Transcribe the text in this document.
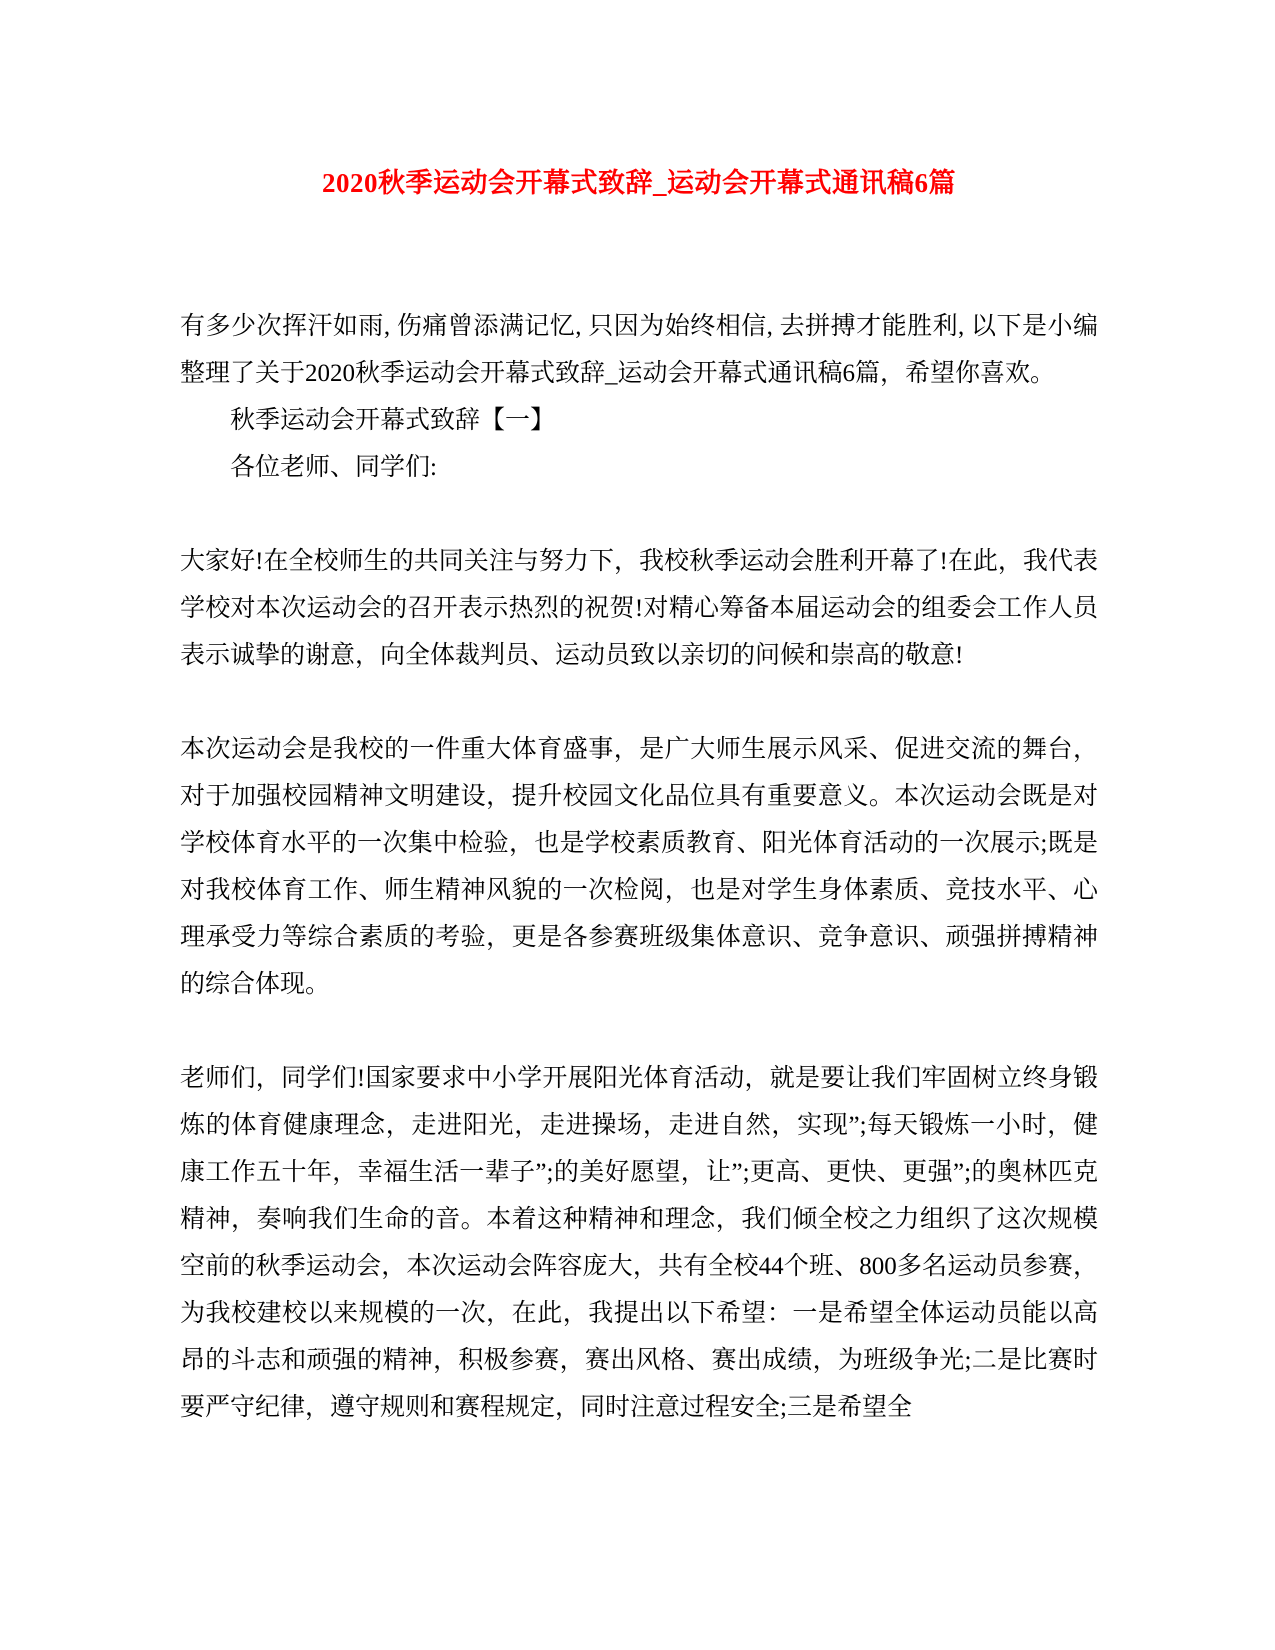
2020秋季运动会开幕式致辞_运动会开幕式通讯稿6篇

有多少次挥汗如雨, 伤痛曾添满记忆, 只因为始终相信, 去拼搏才能胜利, 以下是小编整理了关于2020秋季运动会开幕式致辞_运动会开幕式通讯稿6篇，希望你喜欢。

秋季运动会开幕式致辞【一】

各位老师、同学们:

大家好!在全校师生的共同关注与努力下，我校秋季运动会胜利开幕了!在此，我代表学校对本次运动会的召开表示热烈的祝贺!对精心筹备本届运动会的组委会工作人员表示诚挚的谢意，向全体裁判员、运动员致以亲切的问候和崇高的敬意!

本次运动会是我校的一件重大体育盛事，是广大师生展示风采、促进交流的舞台，对于加强校园精神文明建设，提升校园文化品位具有重要意义。本次运动会既是对学校体育水平的一次集中检验，也是学校素质教育、阳光体育活动的一次展示;既是对我校体育工作、师生精神风貌的一次检阅，也是对学生身体素质、竞技水平、心理承受力等综合素质的考验，更是各参赛班级集体意识、竞争意识、顽强拼搏精神的综合体现。

老师们，同学们!国家要求中小学开展阳光体育活动，就是要让我们牢固树立终身锻炼的体育健康理念，走进阳光，走进操场，走进自然，实现”;每天锻炼一小时，健康工作五十年，幸福生活一辈子”;的美好愿望，让”;更高、更快、更强”;的奥林匹克精神，奏响我们生命的音。本着这种精神和理念，我们倾全校之力组织了这次规模空前的秋季运动会，本次运动会阵容庞大，共有全校44个班、800多名运动员参赛，为我校建校以来规模的一次，在此，我提出以下希望：一是希望全体运动员能以高昂的斗志和顽强的精神，积极参赛，赛出风格、赛出成绩，为班级争光;二是比赛时要严守纪律，遵守规则和赛程规定，同时注意过程安全;三是希望全
